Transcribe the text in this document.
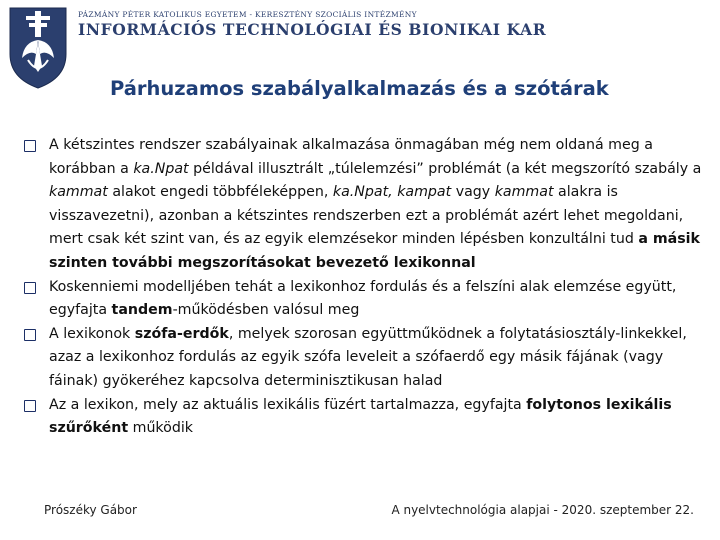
PÁZMÁNY PÉTER KATOLIKUS EGYETEM - KERESZTÉNY SZOCIÁLIS INTÉZMÉNY
INFORMÁCIÓS TECHNOLÓGIAI ÉS BIONIKAI KAR
Párhuzamos szabályalkalmazás és a szótárak
A kétszintes rendszer szabályainak alkalmazása önmagában még nem oldaná meg a korábban a ka.Npat példával illusztrált „túlelemzési” problémát (a két megszorító szabály a kammat alakot engedi többféleképpen, ka.Npat, kampat vagy kammat alakra is visszavezetni), azonban a kétszintes rendszerben ezt a problémát azért lehet megoldani, mert csak két szint van, és az egyik elemzésekor minden lépésben konzultálni tud a másik szinten további megszorításokat bevezető lexikonnal
Koskenniemi modelljében tehát a lexikonhoz fordulás és a felszíni alak elemzése együtt, egyfajta tandem-működésben valósul meg
A lexikonok szófa-erdők, melyek szorosan együttműködnek a folytatásiosztály-linkekkel, azaz a lexikonhoz fordulás az egyik szófa leveleit a szófaerdő egy másik fájának (vagy fáinak) gyökeréhez kapcsolva determinisztikusan halad
Az a lexikon, mely az aktuális lexikális füzért tartalmazza, egyfajta folytonos lexikális szűrőként működik
Prószéky Gábor	A nyelvtechnológia alapjai - 2020. szeptember 22.
